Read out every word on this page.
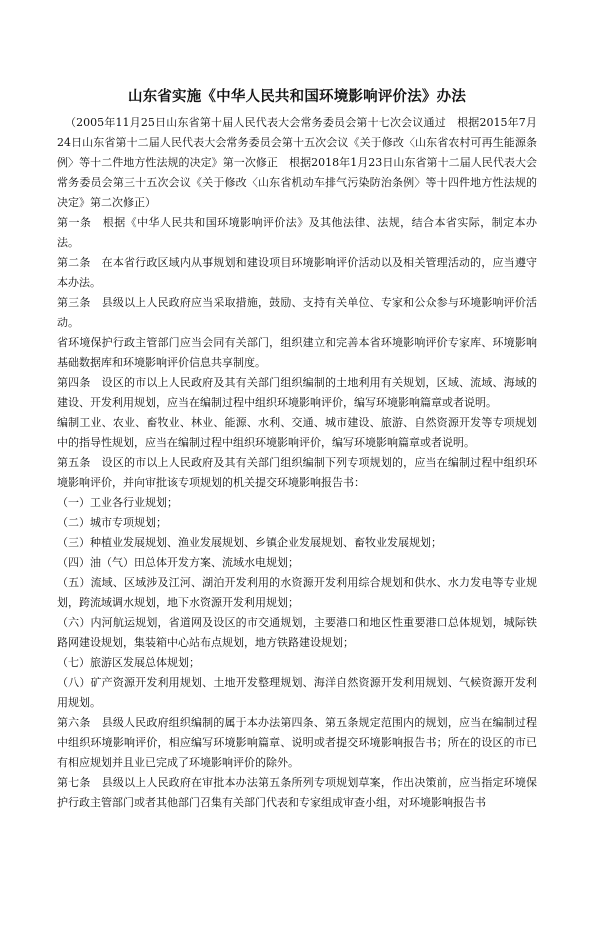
山东省实施《中华人民共和国环境影响评价法》办法

（2005年11月25日山东省第十届人民代表大会常务委员会第十七次会议通过　根据2015年7月24日山东省第十二届人民代表大会常务委员会第十五次会议《关于修改〈山东省农村可再生能源条例〉等十二件地方性法规的决定》第一次修正　根据2018年1月23日山东省第十二届人民代表大会常务委员会第三十五次会议《关于修改〈山东省机动车排气污染防治条例〉等十四件地方性法规的决定》第二次修正）

第一条　根据《中华人民共和国环境影响评价法》及其他法律、法规，结合本省实际，制定本办法。

第二条　在本省行政区域内从事规划和建设项目环境影响评价活动以及相关管理活动的，应当遵守本办法。

第三条　县级以上人民政府应当采取措施，鼓励、支持有关单位、专家和公众参与环境影响评价活动。

省环境保护行政主管部门应当会同有关部门，组织建立和完善本省环境影响评价专家库、环境影响基础数据库和环境影响评价信息共享制度。

第四条　设区的市以上人民政府及其有关部门组织编制的土地利用有关规划，区域、流域、海域的建设、开发利用规划，应当在编制过程中组织环境影响评价，编写环境影响篇章或者说明。

编制工业、农业、畜牧业、林业、能源、水利、交通、城市建设、旅游、自然资源开发等专项规划中的指导性规划，应当在编制过程中组织环境影响评价，编写环境影响篇章或者说明。

第五条　设区的市以上人民政府及其有关部门组织编制下列专项规划的，应当在编制过程中组织环境影响评价，并向审批该专项规划的机关提交环境影响报告书：

（一）工业各行业规划；

（二）城市专项规划；

（三）种植业发展规划、渔业发展规划、乡镇企业发展规划、畜牧业发展规划；

（四）油（气）田总体开发方案、流域水电规划；

（五）流域、区域涉及江河、湖泊开发利用的水资源开发利用综合规划和供水、水力发电等专业规划，跨流域调水规划，地下水资源开发利用规划；

（六）内河航运规划，省道网及设区的市交通规划，主要港口和地区性重要港口总体规划，城际铁路网建设规划，集装箱中心站布点规划，地方铁路建设规划；

（七）旅游区发展总体规划；

（八）矿产资源开发利用规划、土地开发整理规划、海洋自然资源开发利用规划、气候资源开发利用规划。

第六条　县级人民政府组织编制的属于本办法第四条、第五条规定范围内的规划，应当在编制过程中组织环境影响评价，相应编写环境影响篇章、说明或者提交环境影响报告书；所在的设区的市已有相应规划并且业已完成了环境影响评价的除外。

第七条　县级以上人民政府在审批本办法第五条所列专项规划草案，作出决策前，应当指定环境保护行政主管部门或者其他部门召集有关部门代表和专家组成审查小组，对环境影响报告书
